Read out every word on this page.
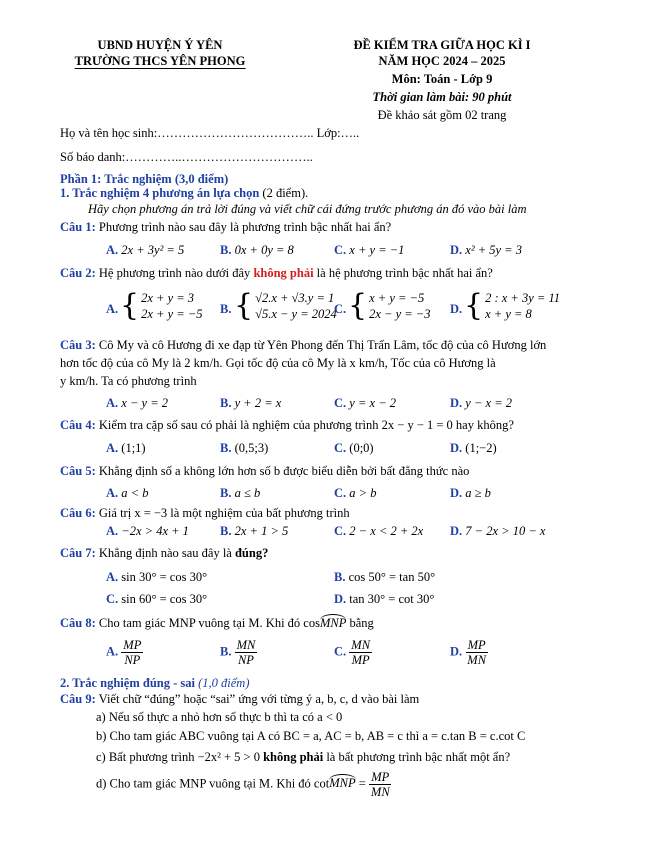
UBND HUYỆN Ý YÊN
TRƯỜNG THCS YÊN PHONG
ĐỀ KIỂM TRA GIỮA HỌC KÌ I
NĂM HỌC 2024 – 2025
Môn: Toán - Lớp 9
Thời gian làm bài: 90 phút
Đề khảo sát gồm 02 trang
Họ và tên học sinh:……………………………….. Lớp:…..
Số báo danh:…………..…………………………..
Phần 1: Trắc nghiệm (3,0 điểm)
1. Trắc nghiệm 4 phương án lựa chọn (2 điểm).
Hãy chọn phương án trả lời đúng và viết chữ cái đứng trước phương án đó vào bài làm
Câu 1: Phương trình nào sau đây là phương trình bậc nhất hai ẩn?
A. 2x + 3y² = 5	B. 0x + 0y = 8	C. x + y = −1	D. x² + 5y = 3
Câu 2: Hệ phương trình nào dưới đây không phải là hệ phương trình bậc nhất hai ẩn?
A. { 2x + y = 3
2x + y = −5 B. { √2.x + √3.y = 1
√5.x − y = 2024
C. { x + y = −5
2x − y = −3 D. { 2 : x + 3y = 11
x + y = 8
Câu 3: Cô My và cô Hương đi xe đạp từ Yên Phong đến Thị Trấn Lâm, tốc độ của cô Hương lớn
hơn tốc độ của cô My là 2 km/h. Gọi tốc độ của cô My là x km/h, Tốc của cô Hương là
y km/h. Ta có phương trình
A. x − y = 2	B. y + 2 = x	C. y = x − 2	D. y − x = 2
Câu 4: Kiểm tra cặp số sau có phải là nghiệm của phương trình 2x − y − 1 = 0 hay không?
A. (1;1)	B. (0,5;3)	C. (0;0)	D. (1;−2)
Câu 5: Khẳng định số a không lớn hơn số b được biểu diễn bởi bất đẳng thức nào
A. a < b	B. a ≤ b	C. a > b	D. a ≥ b
Câu 6: Giá trị x = −3 là một nghiệm của bất phương trình
A. −2x > 4x + 1 B. 2x + 1 > 5	C. 2 − x < 2 + 2x D. 7 − 2x > 10 − x
Câu 7: Khẳng định nào sau đây là đúng?
A. sin 30° = cos 30°	B. cos 50° = tan 50°
C. sin 60° = cos 30°	D. tan 30° = cot 30°
Câu 8: Cho tam giác MNP vuông tại M. Khi đó cosMNP bằng
A. $\frac{MP}{NP}$	B. $\frac{MN}{NP}$	C. $\frac{MN}{MP}$	D. $\frac{MP}{MN}$
2. Trắc nghiệm đúng - sai (1,0 điểm)
Câu 9: Viết chữ “đúng” hoặc “sai” ứng với từng ý a, b, c, d vào bài làm
a) Nếu số thực a nhỏ hơn số thực b thì ta có a < 0
b) Cho tam giác ABC vuông tại A có BC = a, AC = b, AB = c thì a = c.tan B = c.cot C
c) Bất phương trình −2x² + 5 > 0 không phải là bất phương trình bậc nhất một ẩn?
d) Cho tam giác MNP vuông tại M. Khi đó cotMNP = $\frac{MP}{MN}$
